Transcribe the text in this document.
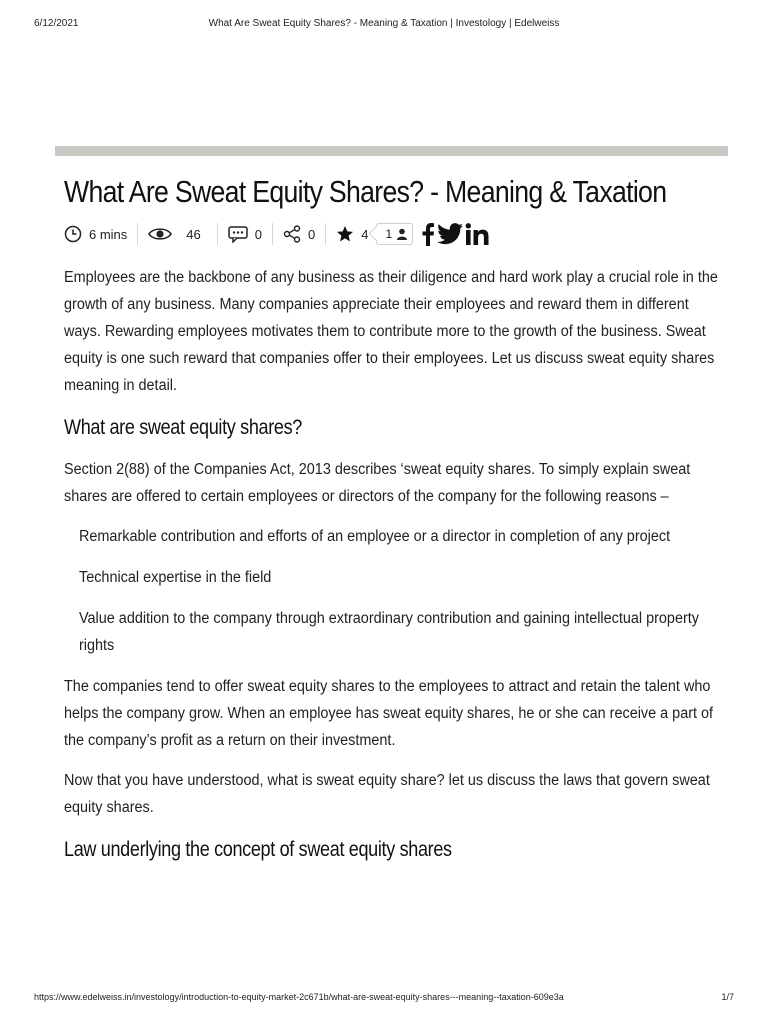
6/12/2021	What Are Sweat Equity Shares? - Meaning & Taxation | Investology | Edelweiss
What Are Sweat Equity Shares? - Meaning & Taxation
6 mins	46	0	0	4 1

Employees are the backbone of any business as their diligence and hard work play a crucial role in the growth of any business. Many companies appreciate their employees and reward them in different ways. Rewarding employees motivates them to contribute more to the growth of the business. Sweat equity is one such reward that companies offer to their employees. Let us discuss sweat equity shares meaning in detail.

What are sweat equity shares?

Section 2(88) of the Companies Act, 2013 describes ‘sweat equity shares. To simply explain sweat shares are offered to certain employees or directors of the company for the following reasons –

Remarkable contribution and efforts of an employee or a director in completion of any project
Technical expertise in the field
Value addition to the company through extraordinary contribution and gaining intellectual property rights

The companies tend to offer sweat equity shares to the employees to attract and retain the talent who helps the company grow. When an employee has sweat equity shares, he or she can receive a part of the company’s profit as a return on their investment.

Now that you have understood, what is sweat equity share? let us discuss the laws that govern sweat equity shares.

Law underlying the concept of sweat equity shares
https://www.edelweiss.in/investology/introduction-to-equity-market-2c671b/what-are-sweat-equity-shares---meaning--taxation-609e3a	1/7
